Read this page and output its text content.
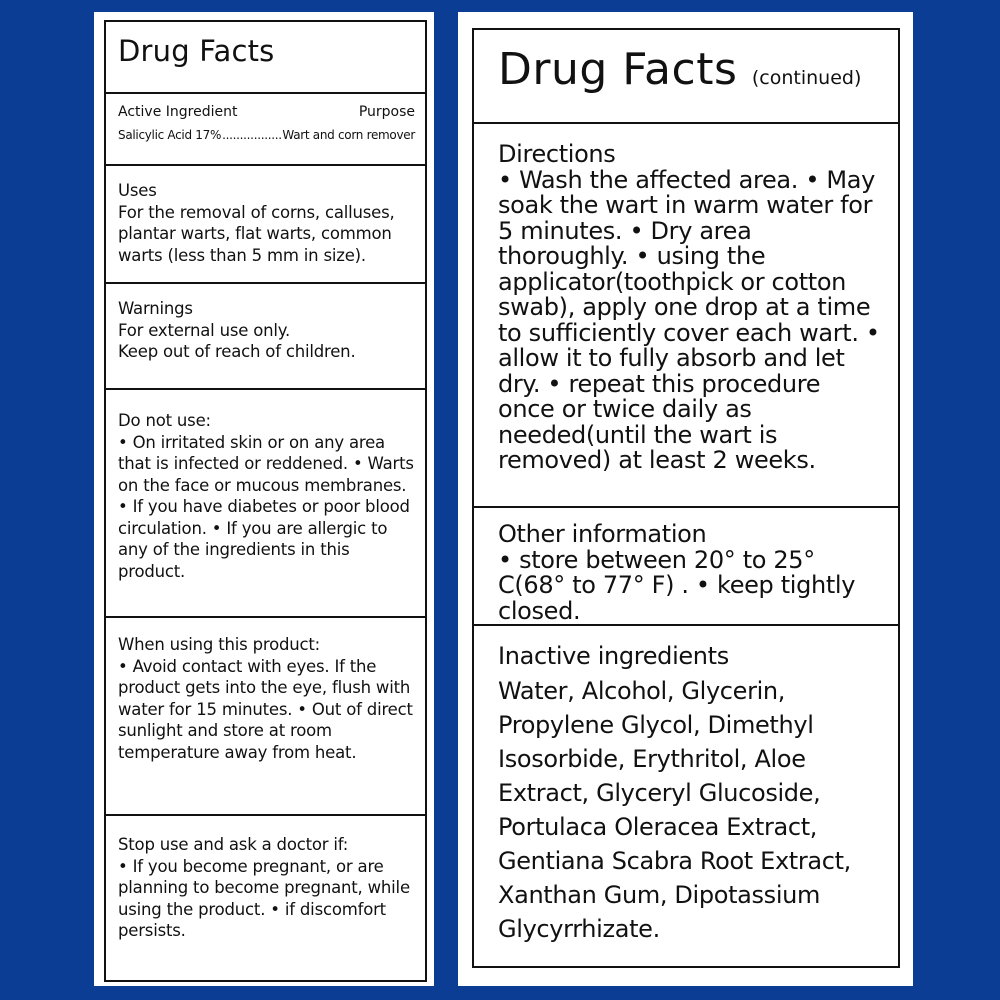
Drug Facts
Active Ingredient	Purpose
Salicylic Acid 17%
.....	Wart and corn remover
Uses
For the removal of corns, calluses, plantar warts, flat warts, common warts (less than 5 mm in size).
Warnings
For external use only.
Keep out of reach of children.
Do not use:
• On irritated skin or on any area that is infected or reddened. • Warts on the face or mucous membranes. • If you have diabetes or poor blood circulation. • If you are allergic to any of the ingredients in this product.
When using this product:
• Avoid contact with eyes. If the product gets into the eye, flush with water for 15 minutes. • Out of direct sunlight and store at room temperature away from heat.
Stop use and ask a doctor if:
• If you become pregnant, or are planning to become pregnant, while using the product. • if discomfort persists.
Drug Facts (continued)
Directions
• Wash the affected area. • May soak the wart in warm water for 5 minutes. • Dry area thoroughly. • using the applicator(toothpick or cotton swab), apply one drop at a time to sufficiently cover each wart. • allow it to fully absorb and let dry. • repeat this procedure once or twice daily as needed(until the wart is removed) at least 2 weeks.
Other information
• store between 20° to 25° C(68° to 77° F) . • keep tightly closed.
Inactive ingredients
Water, Alcohol, Glycerin, Propylene Glycol, Dimethyl Isosorbide, Erythritol, Aloe Extract, Glyceryl Glucoside, Portulaca Oleracea Extract, Gentiana Scabra Root Extract, Xanthan Gum, Dipotassium Glycyrrhizate.
